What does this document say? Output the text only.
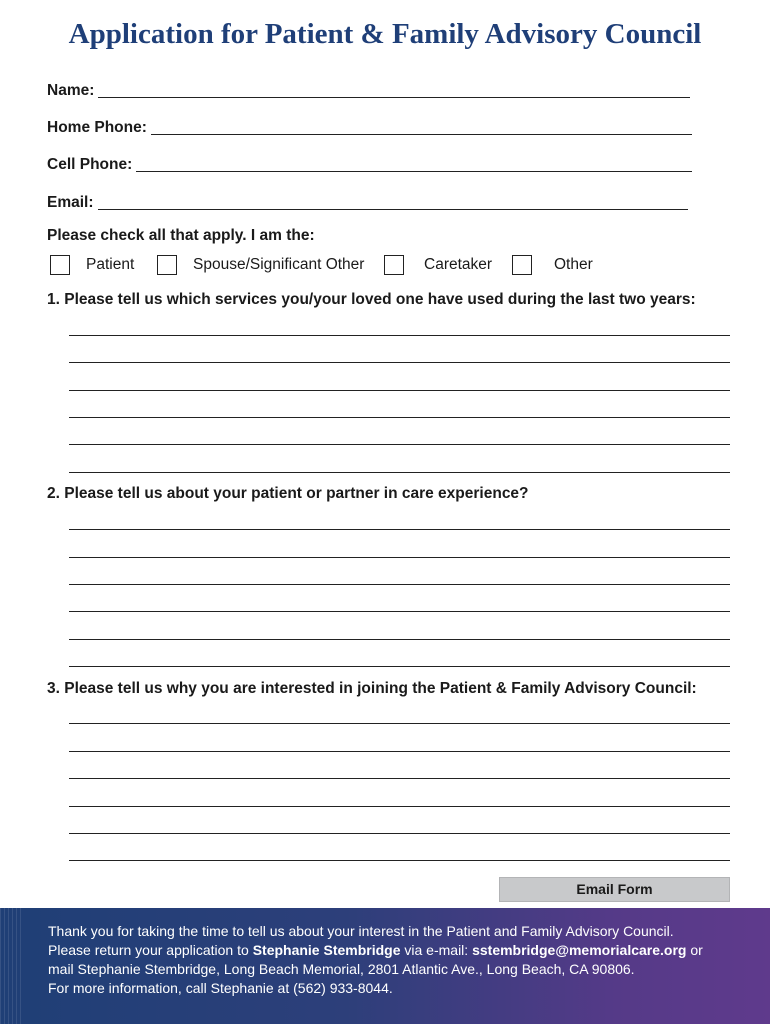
Application for Patient & Family Advisory Council
Name:
Home Phone:
Cell Phone:
Email:
Please check all that apply. I am the:
Patient	Spouse/Significant Other	Caretaker	Other
1. Please tell us which services you/your loved one have used during the last two years:
2. Please tell us about your patient or partner in care experience?
3. Please tell us why you are interested in joining the Patient & Family Advisory Council:
Email Form
Thank you for taking the time to tell us about your interest in the Patient and Family Advisory Council.
Please return your application to Stephanie Stembridge via e-mail: sstembridge@memorialcare.org or
mail Stephanie Stembridge, Long Beach Memorial, 2801 Atlantic Ave., Long Beach, CA 90806.
For more information, call Stephanie at (562) 933-8044.
